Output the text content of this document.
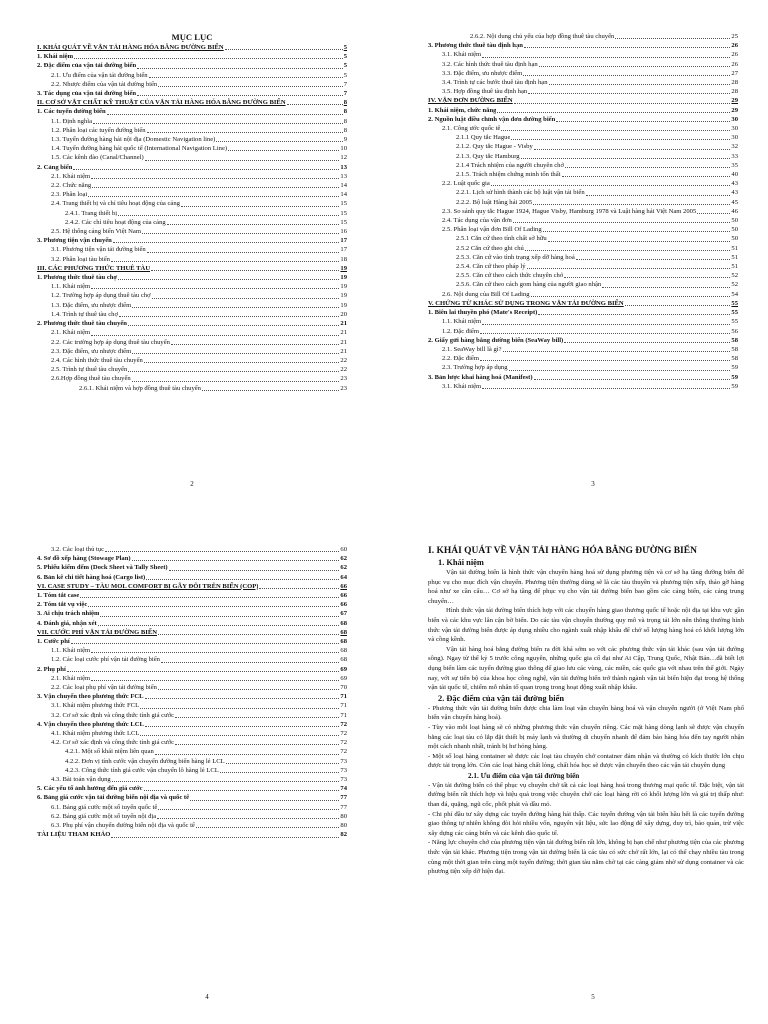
MỤC LỤC
I. KHÁI QUÁT VỀ VẬN TẢI HÀNG HÓA BẰNG ĐƯỜNG BIỂN	5
1. Khái niệm	5
2. Đặc điểm của vận tải đường biển	5
2.1. Ưu điểm của vận tải đường biển	5
2.2. Nhược điểm của vận tải đường biển	7
3. Tác dụng của vận tải đường biển	7
II. CƠ SỞ VẬT CHẤT KỸ THUẬT CỦA VẬN TẢI HÀNG HÓA BẰNG ĐƯỜNG BIỂN	8
1. Các tuyến đường biển	8
1.1. Định nghĩa	8
1.2. Phân loại các tuyến đường biển	8
1.3. Tuyến đường hàng hải nội địa (Domestic Navigation line)	9
1.4. Tuyến đường hàng hải quốc tế (International Navigation Line)	10
1.5. Các kênh đào (Canal/Channel)	12
2. Cảng biển	13
2.1. Khái niệm	13
2.2. Chức năng	14
2.3. Phân loại	14
2.4. Trang thiết bị và chỉ tiêu hoạt động của cảng	15
2.4.1. Trang thiết bị	15
2.4.2. Các chỉ tiêu hoạt động của cảng	15
2.5. Hệ thống cảng biển Việt Nam	16
3. Phương tiện vận chuyển	17
3.1. Phương tiện vận tải đường biển	17
3.2. Phân loại tàu biển	18
III. CÁC PHƯƠNG THỨC THUÊ TÀU	19
1. Phương thức thuê tàu chợ	19
1.1. Khái niệm	19
1.2. Trường hợp áp dụng thuê tàu chợ	19
1.3. Đặc điểm, ưu nhược điểm	19
1.4. Trình tự thuê tàu chợ	20
2. Phương thức thuê tàu chuyến	21
2.1. Khái niệm	21
2.2. Các trường hợp áp dụng thuê tàu chuyến	21
2.3. Đặc điểm, ưu nhược điểm	21
2.4. Các hình thức thuê tàu chuyến	22
2.5. Trình tự thuê tàu chuyến	22
2.6.Hợp đồng thuê tàu chuyến	23
2.6.1. Khái niệm và hợp đồng thuê tàu chuyến	23
2
2.6.2. Nội dung chủ yếu của hợp đồng thuê tàu chuyến	25
3. Phương thức thuê tàu định hạn	26
3.1. Khái niệm	26
3.2. Các hình thức thuê tàu định hạn	26
3.3. Đặc điểm, ưu nhược điểm	27
3.4. Trình tự các bước thuê tàu định hạn	28
3.5. Hợp đồng thuê tàu định hạn	28
IV. VẬN ĐƠN ĐƯỜNG BIỂN	29
1. Khái niệm, chức năng	29
2. Nguồn luật điều chỉnh vận đơn đường biển	30
2.1. Công ước quốc tế	30
2.1.1 Quy tắc Hague	30
2.1.2. Quy tắc Hague - Visby	32
2.1.3. Quy tắc Hamburg	33
2.1.4 Trách nhiệm của người chuyên chở	35
2.1.5. Trách nhiệm chứng minh tổn thất	40
2.2. Luật quốc gia	43
2.2.1. Lịch sử hình thành các bộ luật vận tải biển	43
2.2.2. Bộ luật Hàng hải 2005	45
2.3. So sánh quy tắc Hague 1924, Hague Visby, Hamburg 1978 và Luật hàng hải Việt Nam 2005	46
2.4. Tác dụng của vận đơn	50
2.5. Phân loại vận đơn Bill Of Lading	50
2.5.1 Căn cứ theo tính chất sở hữu	50
2.5.2 Căn cứ theo ghi chú	51
2.5.3. Căn cứ vào tình trạng xếp dỡ hàng hoá	51
2.5.4. Căn cứ theo pháp lý	51
2.5.5. Căn cứ theo cách thức chuyên chở	52
2.5.6. Căn cứ theo cách gom hàng của người giao nhận	52
2.6. Nội dung của Bill Of Lading	54
V. CHỨNG TỪ KHÁC SỬ DỤNG TRONG VẬN TẢI ĐƯỜNG BIỂN	55
1. Biên lai thuyền phó (Mate's Receipt)	55
1.1. Khái niệm	55
1.2. Đặc điểm	56
2. Giấy gửi hàng bằng đường biển (SeaWay bill)	58
2.1. SeaWay bill là gì?	58
2.2. Đặc điểm	58
2.3. Trường hợp áp dụng	59
3. Bản lược khai hàng hoá (Manifest)	59
3.1. Khái niệm	59
3
3.2. Các loại thủ tục	60
4. Sơ đồ xếp hàng (Stowage Plan)	62
5. Phiếu kiểm đếm (Dock Sheet và Tally Sheet)	62
6. Bản kê chi tiết hàng hoá (Cargo list)	64
VI. CASE STUDY – TÀU MOL COMFORT BỊ GÃY ĐÔI TRÊN BIỂN (COP)	66
1. Tóm tắt case	66
2. Tóm tắt vụ việc	66
3. Ai chịu trách nhiệm	67
4. Đánh giá, nhận xét	68
VII. CƯỚC PHÍ VẬN TẢI ĐƯỜNG BIỂN	68
1. Cước phí	68
1.1. Khái niệm	68
1.2. Các loại cước phí vận tải đường biển	68
2. Phụ phí	69
2.1. Khái niệm	69
2.2. Các loại phụ phí vận tải đường biển	70
3. Vận chuyển theo phương thức FCL	71
3.1. Khái niệm phương thức FCL	71
3.2. Cơ sở xác định và công thức tính giá cước	71
4. Vận chuyển theo phương thức LCL	72
4.1. Khái niệm phương thức LCL	72
4.2. Cơ sở xác định và công thức tính giá cước	72
4.2.1. Một số khái niệm liên quan	72
4.2.2. Đơn vị tính cước vận chuyển đường biển hàng lẻ LCL	73
4.2.3. Công thức tính giá cước vận chuyển lô hàng lẻ LCL	73
4.3. Bài toán vận dụng	73
5. Các yếu tố ảnh hưởng đến giá cước	74
6. Bảng giá cước vận tải đường biển nội địa và quốc tế	77
6.1. Bảng giá cước một số tuyến quốc tế	77
6.2. Bảng giá cước một số tuyến nội địa	80
6.3. Phụ phí vận chuyển đường biển nội địa và quốc tế	80
TÀI LIỆU THAM KHẢO	82
4
I. KHÁI QUÁT VỀ VẬN TẢI HÀNG HÓA BẰNG ĐƯỜNG BIỂN
1. Khái niệm

Vận tải đường biển là hình thức vận chuyển hàng hoá sử dụng phương tiện và cơ sở hạ tầng đường biển để phục vụ cho mục đích vận chuyển. Phương tiện thường dùng sẽ là các tàu thuyền và phương tiện xếp, tháo gỡ hàng hoá như xe cần cẩu… Cơ sở hạ tầng để phục vụ cho vận tải đường biển bao gồm các cảng biển, các cảng trung chuyển…

Hình thức vận tải đường biển thích hợp với các chuyến hàng giao thương quốc tế hoặc nội địa tại khu vực gần biển và các khu vực lân cận bờ biển. Do các tàu vận chuyển thường quy mô và trọng tải lớn nên thông thường hình thức vận tải đường biển được áp dụng nhiều cho ngành xuất nhập khẩu để chở số lượng hàng hoá có khối lượng lớn và cồng kềnh.

Vận tải hàng hoá bằng đường biển ra đời khá sớm so với các phương thức vận tải khác (sau vận tải đường sông). Ngay từ thế kỷ 5 trước công nguyên, những quốc gia cổ đại như Ai Cập, Trung Quốc, Nhật Bản…đã biết lợi dụng biển làm các tuyến đường giao thông để giao lưu các vùng, các miền, các quốc gia với nhau trên thế giới. Ngày nay, với sự tiến bộ của khoa học công nghệ, vận tải đường biển trở thành ngành vận tải biển hiện đại trong hệ thống vận tải quốc tế, chiếm mỗ nhân tố quan trọng trong hoạt động xuất nhập khẩu.

2. Đặc điểm của vận tải đường biển

- Phương thức vận tải đường biển được chia làm loại vận chuyển hàng hoá và vận chuyển người (ở Việt Nam phổ biến vận chuyển hàng hoá).

- Tùy vào mỗi loại hàng sẽ có những phương thức vận chuyển riêng. Các mặt hàng dòng lạnh sẽ được vận chuyển bằng các loại tàu có lắp đặt thiết bị máy lạnh và thường di chuyển nhanh để đảm bảo hàng hóa đến tay người nhận một cách nhanh nhất, tránh bị hư hỏng hàng.

- Một số loại hàng container sẽ được các loại tàu chuyên chở container đảm nhận và thường có kích thước lớn chịu được tải trọng lớn. Còn các loại hàng chất lỏng, chất hóa học sẽ được vận chuyển theo các vận tải chuyên dụng

2.1. Ưu điểm của vận tải đường biển

- Vận tải đường biển có thể phục vụ chuyên chở tất cả các loại hàng hoá trong thương mại quốc tế. Đặc biệt, vận tải đường biển rất thích hợp và hiệu quả trong việc chuyên chở các loại hàng rời có khối lượng lớn và giá trị thấp như: than đá, quặng, ngũ cốc, phốt phát và dầu mỏ.

- Chi phí đầu tư xây dựng các tuyến đường hàng hải thấp. Các tuyến đường vận tải biển hầu hết là các tuyến đường giao thông tự nhiên không đòi hỏi nhiều vốn, nguyên vật liệu, sức lao động để xây dựng, duy trì, bảo quản, trừ việc xây dựng các cảng biển và các kênh đào quốc tế.

- Năng lực chuyên chở của phương tiện vận tải đường biển rất lớn, không bị hạn chế như phương tiện của các phương thức vận tải khác. Phương tiện trong vận tải đường biển là các tàu có sức chở rất lớn, lại có thể chạy nhiều tàu trong cùng một thời gian trên cùng một tuyến đường; thời gian tàu nằm chờ tại các cảng giảm nhờ sử dụng container và các phương tiện xếp dỡ hiện đại.

5
